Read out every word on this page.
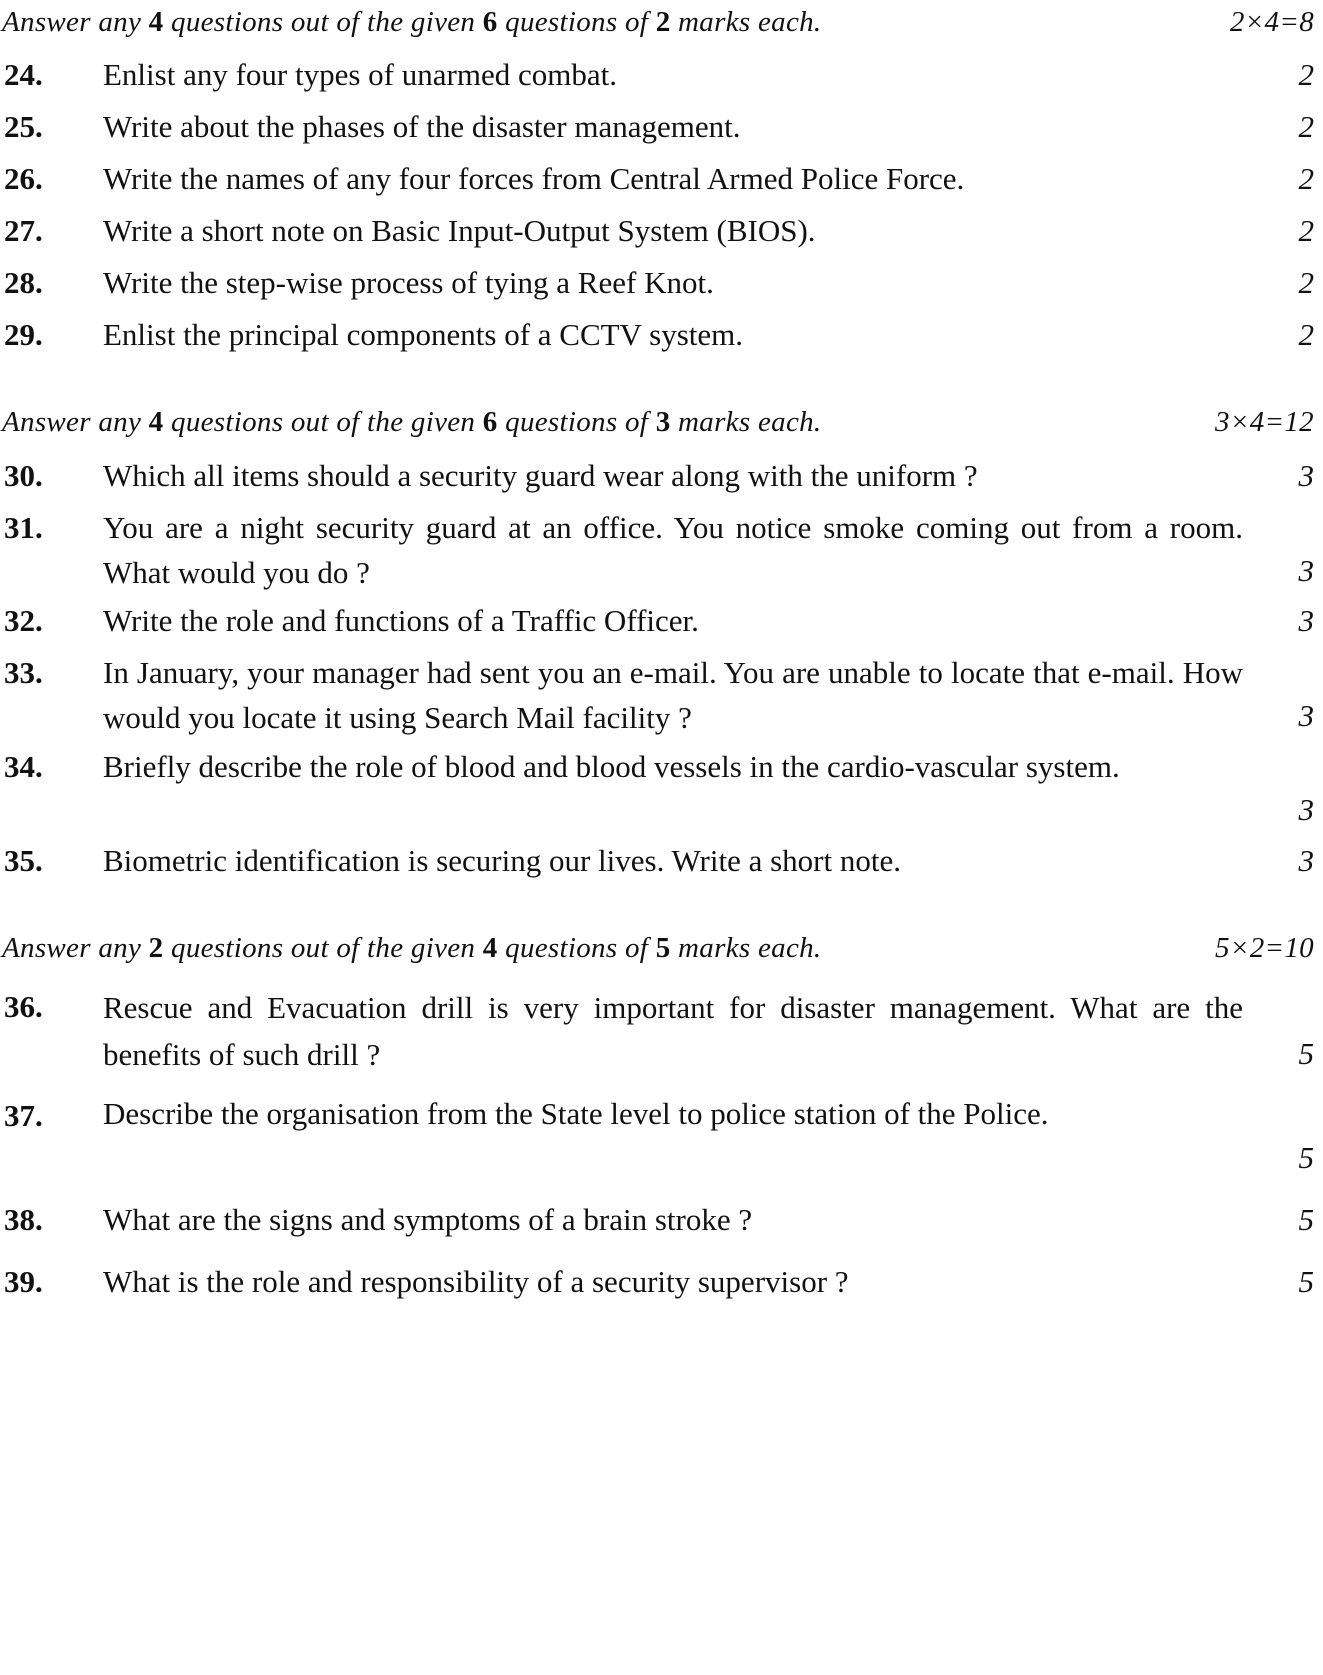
Answer any 4 questions out of the given 6 questions of 2 marks each.	2×4=8
24. Enlist any four types of unarmed combat.	2
25. Write about the phases of the disaster management.	2
26. Write the names of any four forces from Central Armed Police Force.	2
27. Write a short note on Basic Input-Output System (BIOS).	2
28. Write the step-wise process of tying a Reef Knot.	2
29. Enlist the principal components of a CCTV system.	2
Answer any 4 questions out of the given 6 questions of 3 marks each.	3×4=12
30. Which all items should a security guard wear along with the uniform ?	3
31. You are a night security guard at an office. You notice smoke coming out from a room. What would you do ?	3
32. Write the role and functions of a Traffic Officer.	3
33. In January, your manager had sent you an e-mail. You are unable to locate that e-mail. How would you locate it using Search Mail facility ?	3
34. Briefly describe the role of blood and blood vessels in the cardio-vascular system.
3
35. Biometric identification is securing our lives. Write a short note.	3
Answer any 2 questions out of the given 4 questions of 5 marks each.	5×2=10
36. Rescue and Evacuation drill is very important for disaster management. What are the benefits of such drill ?	5
37. Describe the organisation from the State level to police station of the Police.
5
38. What are the signs and symptoms of a brain stroke ?	5
39. What is the role and responsibility of a security supervisor ?	5
